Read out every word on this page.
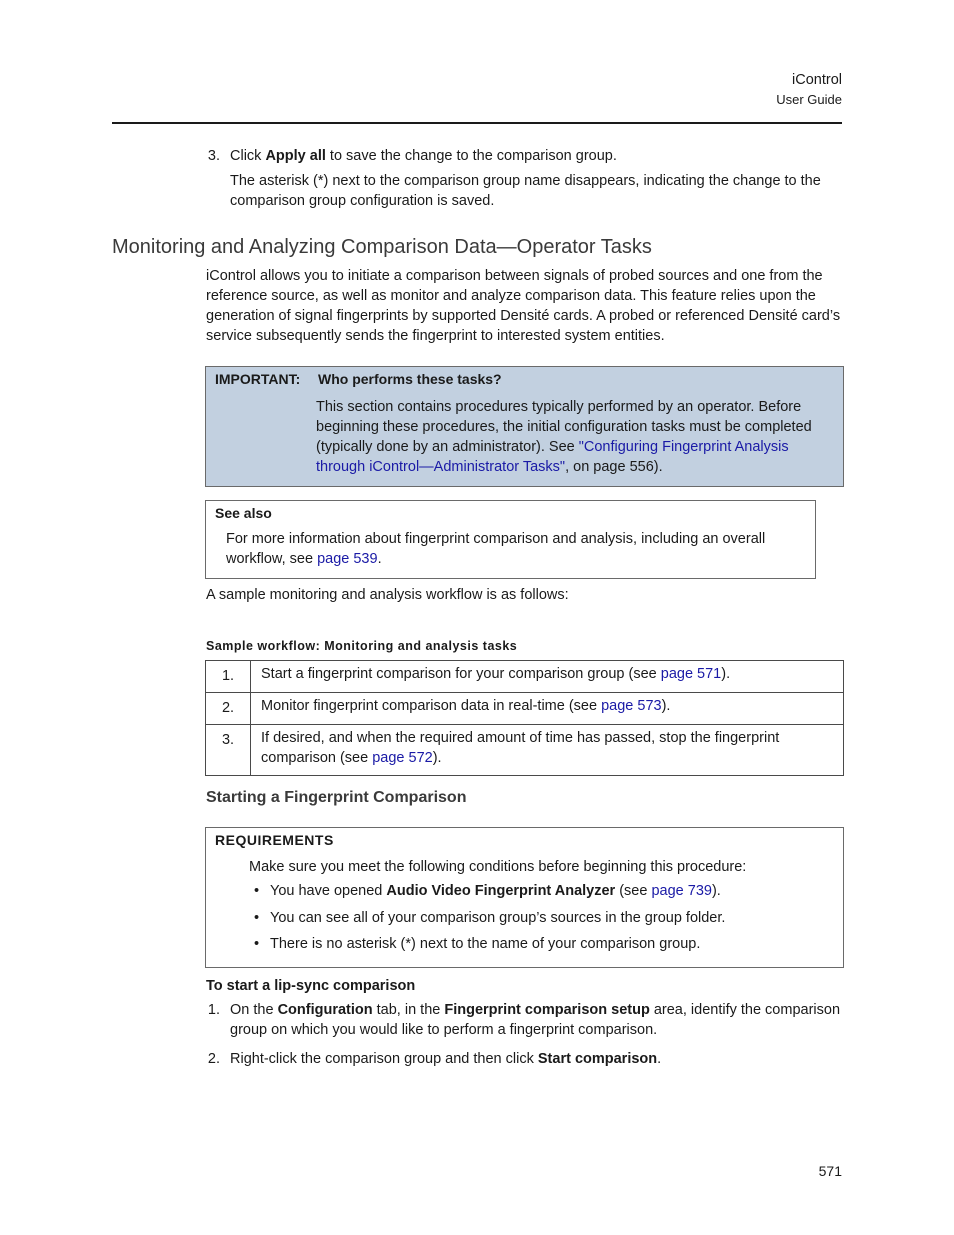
iControl
User Guide
3. Click Apply all to save the change to the comparison group.
The asterisk (*) next to the comparison group name disappears, indicating the change to the comparison group configuration is saved.
Monitoring and Analyzing Comparison Data—Operator Tasks
iControl allows you to initiate a comparison between signals of probed sources and one from the reference source, as well as monitor and analyze comparison data. This feature relies upon the generation of signal fingerprints by supported Densité cards. A probed or referenced Densité card’s service subsequently sends the fingerprint to interested system entities.
IMPORTANT: Who performs these tasks?
This section contains procedures typically performed by an operator. Before beginning these procedures, the initial configuration tasks must be completed (typically done by an administrator). See "Configuring Fingerprint Analysis through iControl—Administrator Tasks", on page 556).
See also
For more information about fingerprint comparison and analysis, including an overall workflow, see page 539.
A sample monitoring and analysis workflow is as follows:
Sample workflow: Monitoring and analysis tasks
1.	Start a fingerprint comparison for your comparison group (see page 571).

2.	Monitor fingerprint comparison data in real-time (see page 573).

3.	If desired, and when the required amount of time has passed, stop the fingerprint comparison (see page 572).
Starting a Fingerprint Comparison
REQUIREMENTS
Make sure you meet the following conditions before beginning this procedure:
• You have opened Audio Video Fingerprint Analyzer (see page 739).
• You can see all of your comparison group’s sources in the group folder.
• There is no asterisk (*) next to the name of your comparison group.
To start a lip-sync comparison
1. On the Configuration tab, in the Fingerprint comparison setup area, identify the comparison group on which you would like to perform a fingerprint comparison.
2. Right-click the comparison group and then click Start comparison.
571
